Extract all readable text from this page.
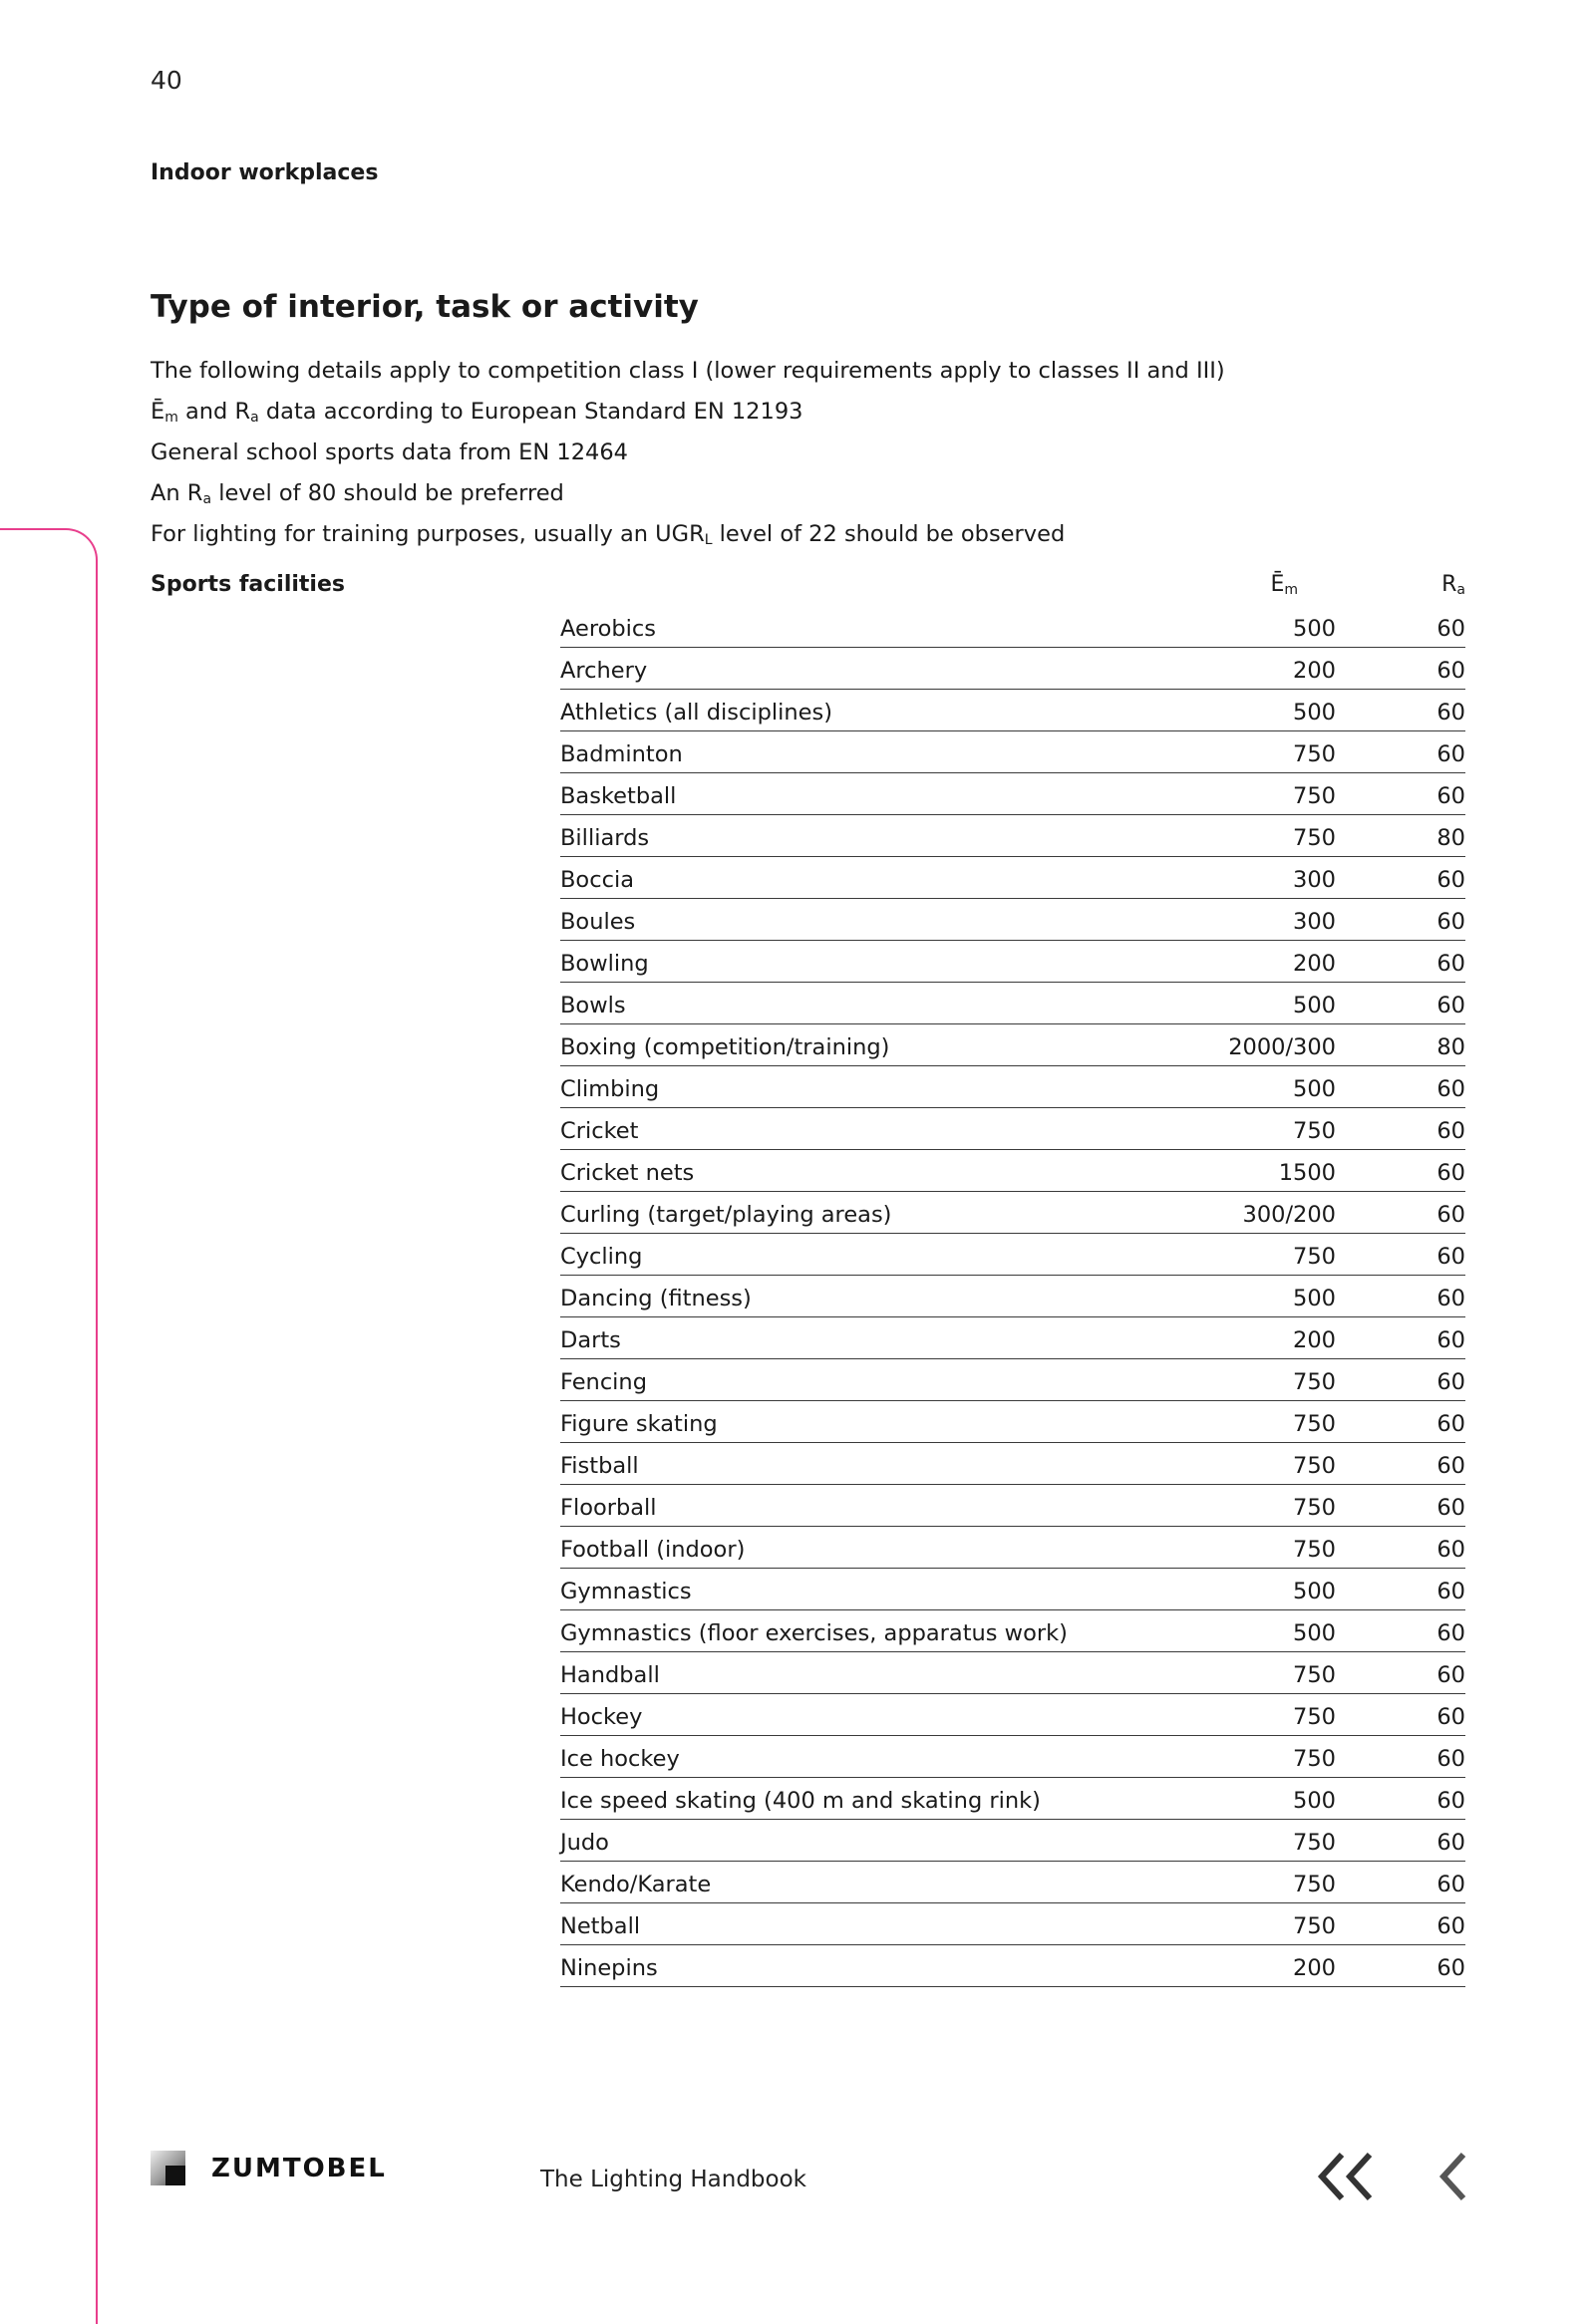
40
Indoor workplaces
Type of interior, task or activity
The following details apply to competition class I (lower requirements apply to classes II and III)
$Ē_m$ and $R_a$ data according to European Standard EN 12193
General school sports data from EN 12464
An $R_a$ level of 80 should be preferred
For lighting for training purposes, usually an $UGR_L$ level of 22 should be observed
Sports facilities	$Ē_m$	$R_a$
Aerobics	500	60
Archery	200	60
Athletics (all disciplines)	500	60
Badminton	750	60
Basketball	750	60
Billiards	750	80
Boccia	300	60
Boules	300	60
Bowling	200	60
Bowls	500	60
Boxing (competition/training)	2000/300	80
Climbing	500	60
Cricket	750	60
Cricket nets	1500	60
Curling (target/playing areas)	300/200	60
Cycling	750	60
Dancing (fitness)	500	60
Darts	200	60
Fencing	750	60
Figure skating	750	60
Fistball	750	60
Floorball	750	60
Football (indoor)	750	60
Gymnastics	500	60
Gymnastics (floor exercises, apparatus work)	500	60
Handball	750	60
Hockey	750	60
Ice hockey	750	60
Ice speed skating (400 m and skating rink)	500	60
Judo	750	60
Kendo/Karate	750	60
Netball	750	60
Ninepins	200	60
ZUMTOBEL	The Lighting Handbook
